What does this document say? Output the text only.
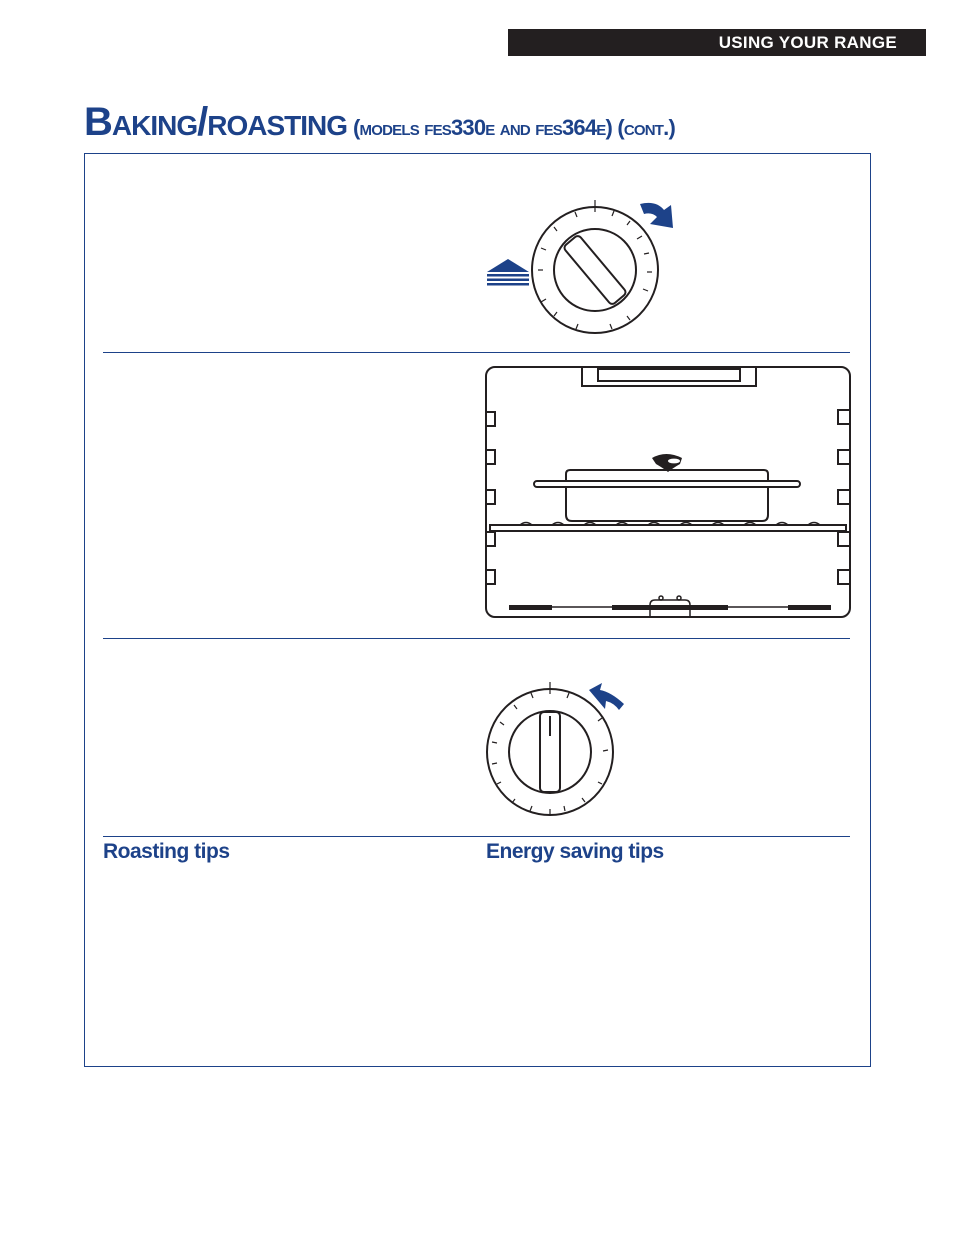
USING YOUR RANGE
Baking/roasting (models fes330e and fes364e) (cont.)
Roasting tips	Energy saving tips
